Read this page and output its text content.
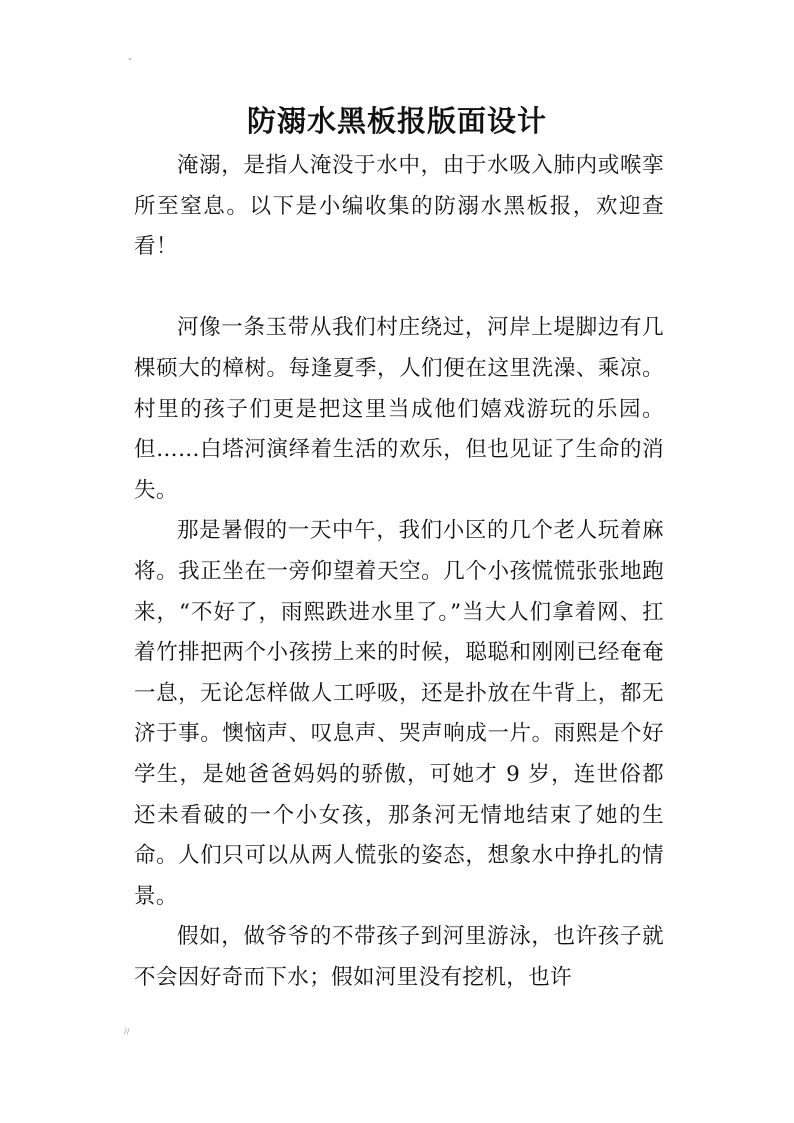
"
防溺水黑板报版面设计

淹溺，是指人淹没于水中，由于水吸入肺内或喉挛所至窒息。以下是小编收集的防溺水黑板报，欢迎查看！

河像一条玉带从我们村庄绕过，河岸上堤脚边有几棵硕大的樟树。每逢夏季，人们便在这里洗澡、乘凉。村里的孩子们更是把这里当成他们嬉戏游玩的乐园。但……白塔河演绎着生活的欢乐，但也见证了生命的消失。

那是暑假的一天中午，我们小区的几个老人玩着麻将。我正坐在一旁仰望着天空。几个小孩慌慌张张地跑来，“不好了，雨熙跌进水里了。”当大人们拿着网、扛着竹排把两个小孩捞上来的时候，聪聪和刚刚已经奄奄一息，无论怎样做人工呼吸，还是扑放在牛背上，都无济于事。懊恼声、叹息声、哭声响成一片。雨熙是个好学生，是她爸爸妈妈的骄傲，可她才 9 岁，连世俗都还未看破的一个小女孩，那条河无情地结束了她的生命。人们只可以从两人慌张的姿态，想象水中挣扎的情景。

假如，做爷爷的不带孩子到河里游泳，也许孩子就不会因好奇而下水；假如河里没有挖机，也许

//
